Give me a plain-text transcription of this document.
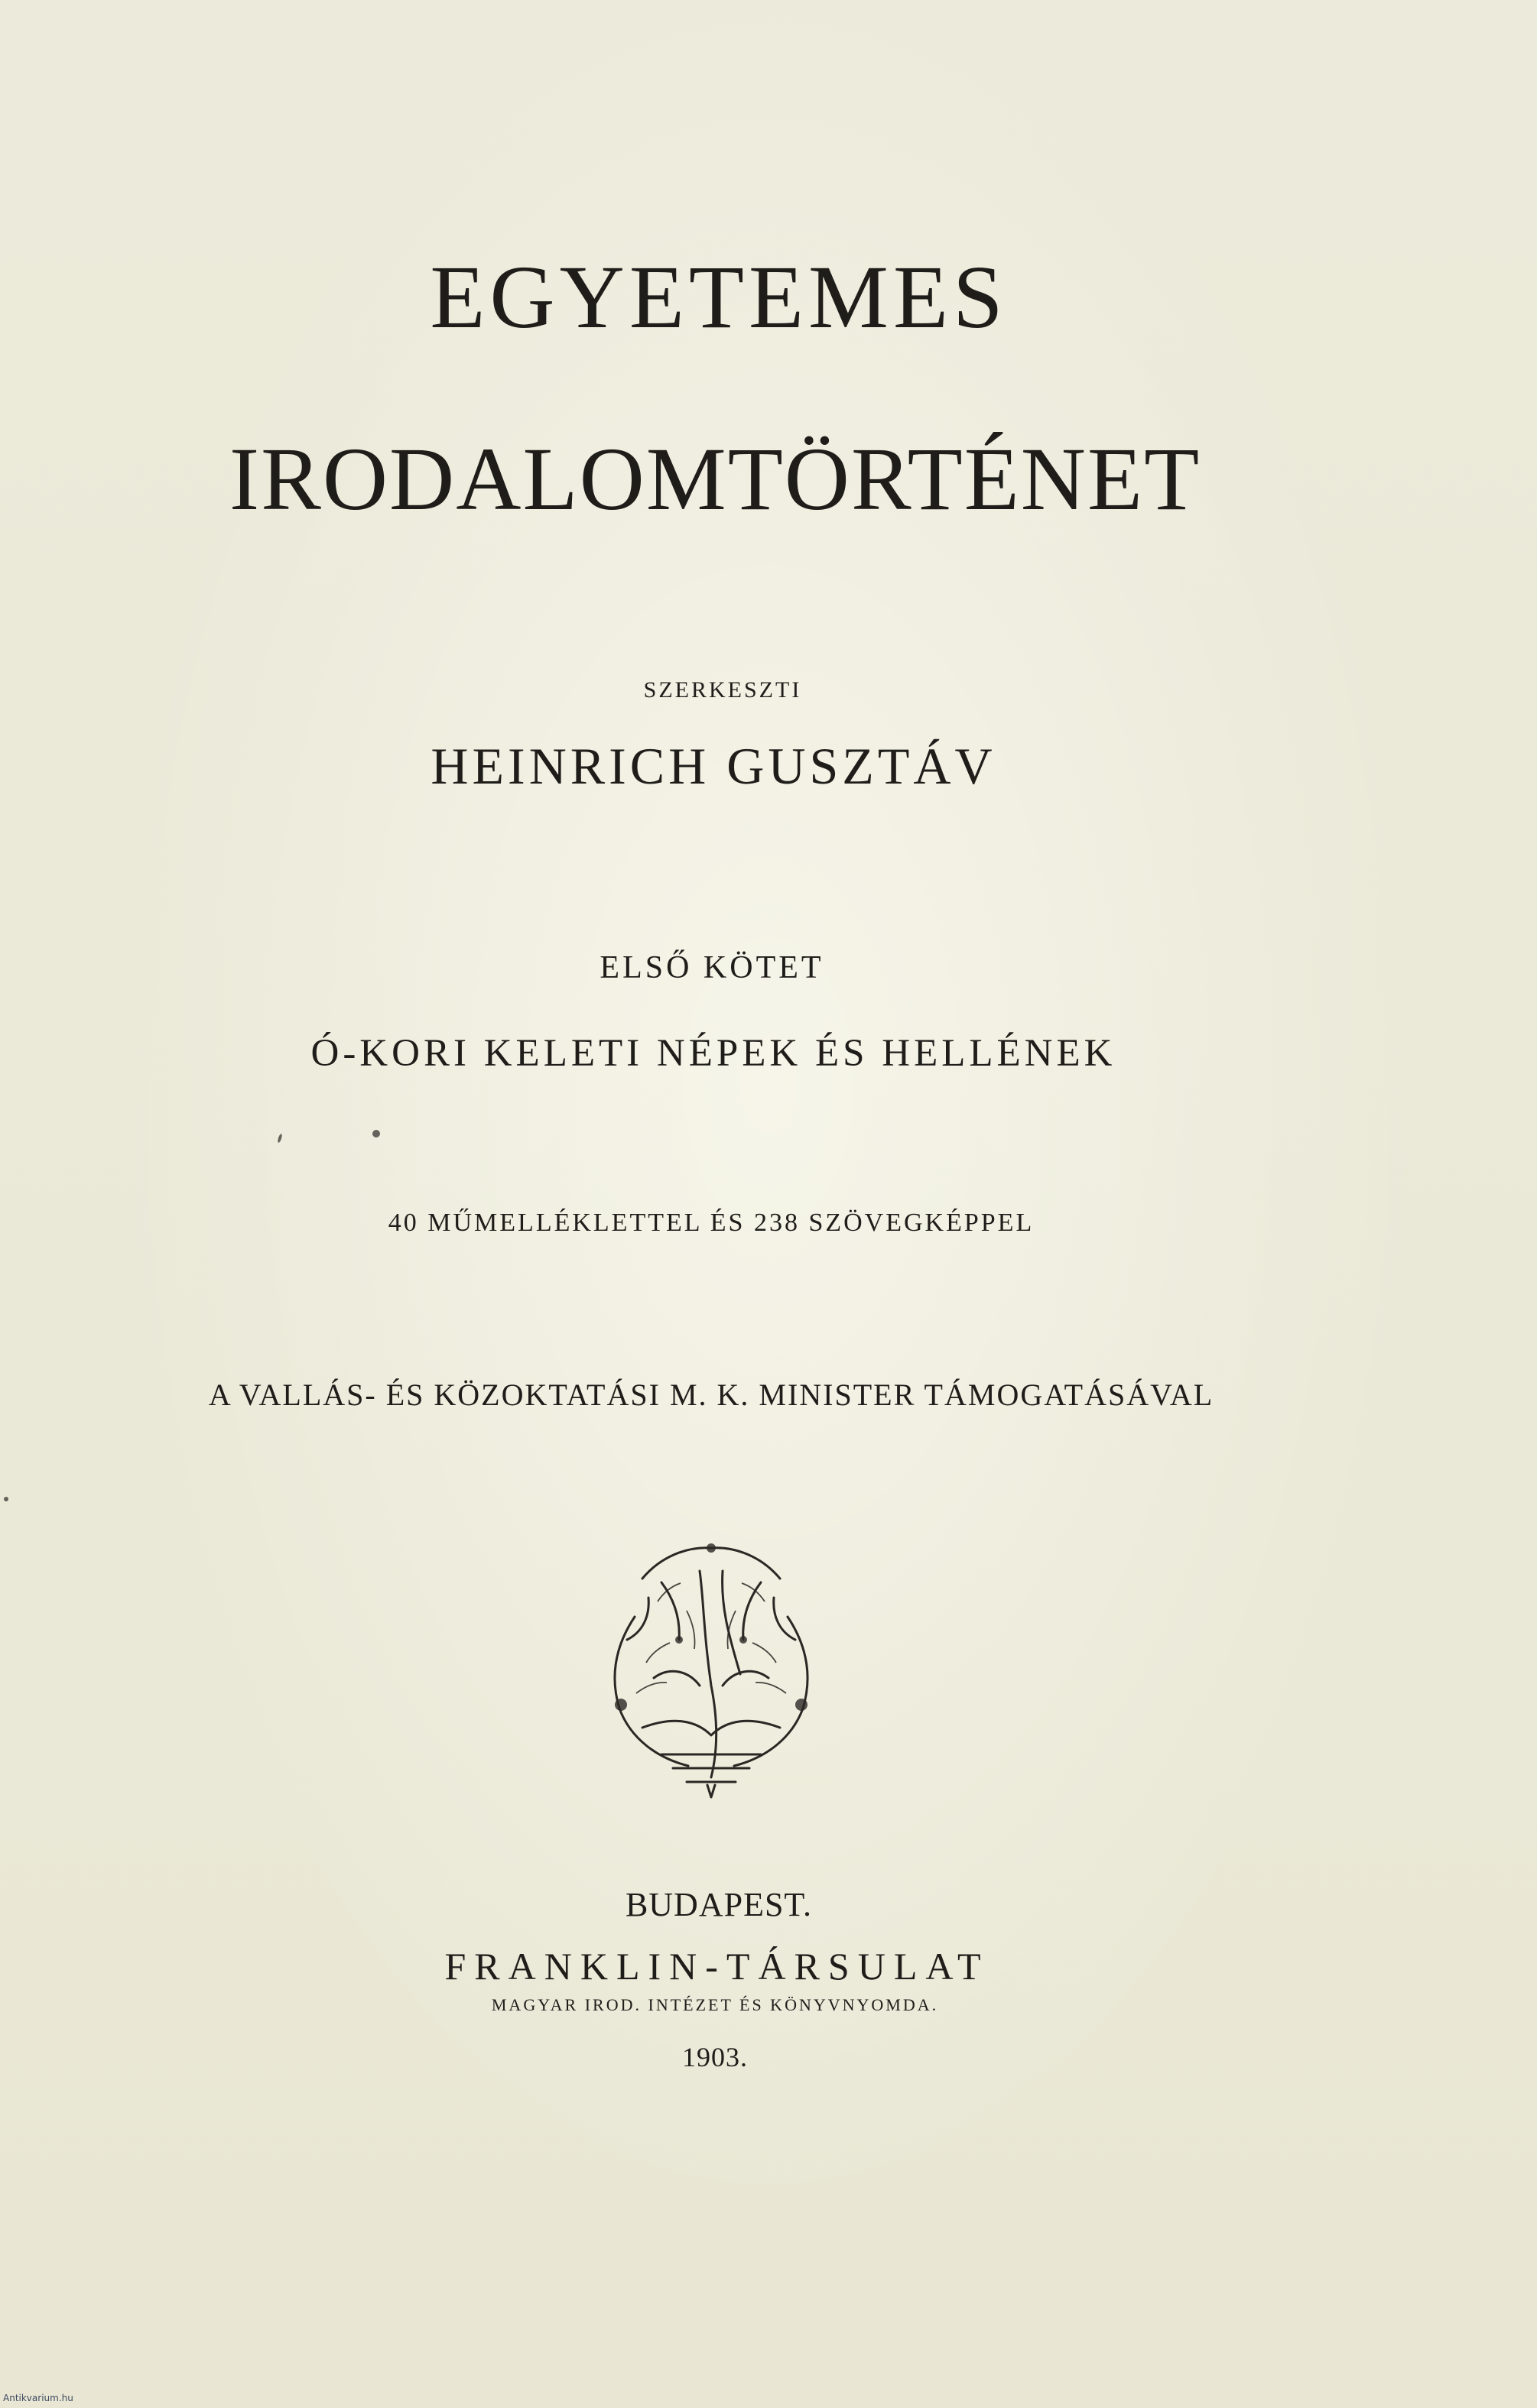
EGYETEMES
IRODALOMTÖRTÉNET
SZERKESZTI
HEINRICH GUSZTÁV
ELSŐ KÖTET
Ó-KORI KELETI NÉPEK ÉS HELLÉNEK
40 MŰMELLÉKLETTEL ÉS 238 SZÖVEGKÉPPEL
A VALLÁS- ÉS KÖZOKTATÁSI M. K. MINISTER TÁMOGATÁSÁVAL
BUDAPEST.
FRANKLIN-TÁRSULAT
MAGYAR IROD. INTÉZET ÉS KÖNYVNYOMDA.
1903.
Antikvarium.hu
